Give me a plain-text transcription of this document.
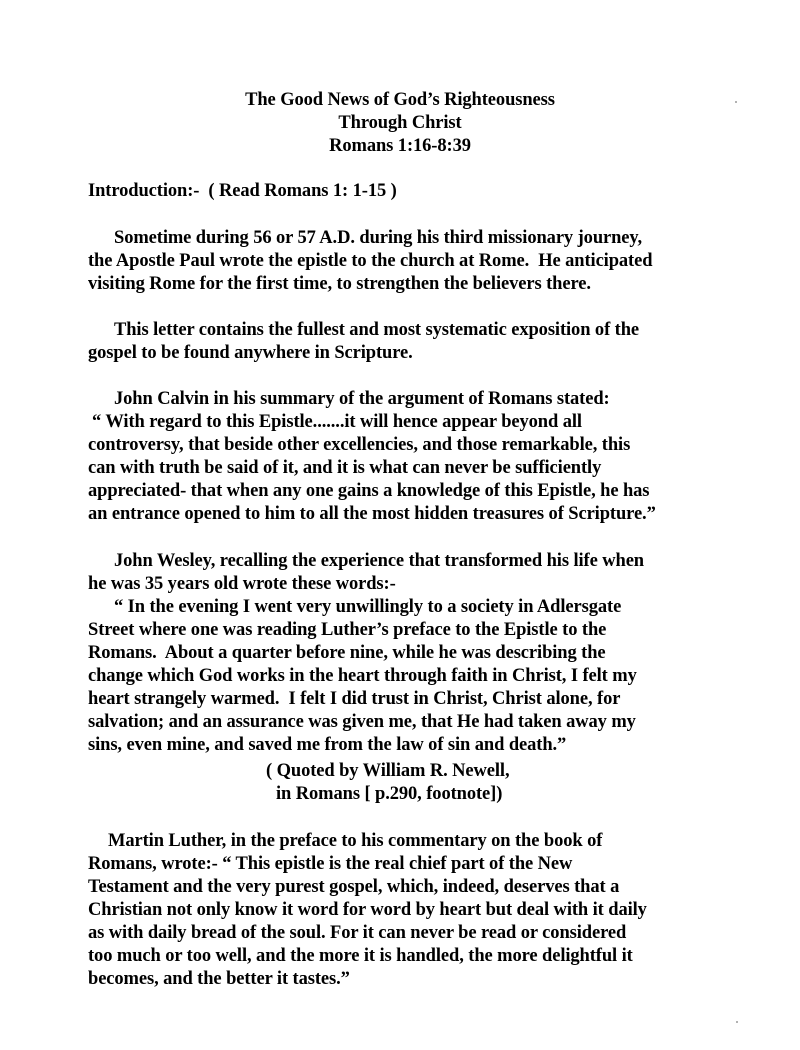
The Good News of God’s Righteousness
Through Christ
Romans 1:16-8:39
Introduction:-  ( Read Romans 1: 1-15 )
Sometime during 56 or 57 A.D. during his third missionary journey,
the Apostle Paul wrote the epistle to the church at Rome.  He anticipated
visiting Rome for the first time, to strengthen the believers there.
This letter contains the fullest and most systematic exposition of the
gospel to be found anywhere in Scripture.
John Calvin in his summary of the argument of Romans stated:
“ With regard to this Epistle.......it will hence appear beyond all
controversy, that beside other excellencies, and those remarkable, this
can with truth be said of it, and it is what can never be sufficiently
appreciated- that when any one gains a knowledge of this Epistle, he has
an entrance opened to him to all the most hidden treasures of Scripture.”
John Wesley, recalling the experience that transformed his life when
he was 35 years old wrote these words:-
“ In the evening I went very unwillingly to a society in Adlersgate
Street where one was reading Luther’s preface to the Epistle to the
Romans.  About a quarter before nine, while he was describing the
change which God works in the heart through faith in Christ, I felt my
heart strangely warmed.  I felt I did trust in Christ, Christ alone, for
salvation; and an assurance was given me, that He had taken away my
sins, even mine, and saved me from the law of sin and death.”
( Quoted by William R. Newell,
in Romans [ p.290, footnote])
Martin Luther, in the preface to his commentary on the book of
Romans, wrote:- “ This epistle is the real chief part of the New
Testament and the very purest gospel, which, indeed, deserves that a
Christian not only know it word for word by heart but deal with it daily
as with daily bread of the soul. For it can never be read or considered
too much or too well, and the more it is handled, the more delightful it
becomes, and the better it tastes.”
